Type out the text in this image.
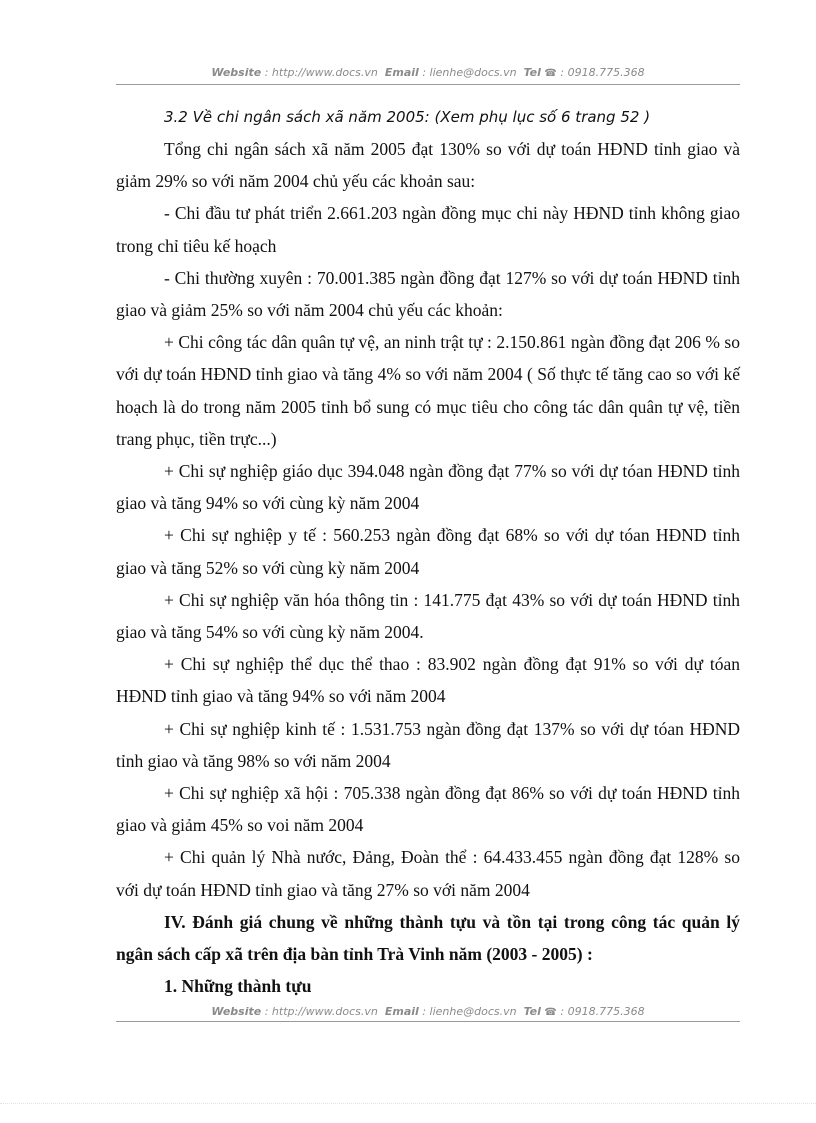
Website : http://www.docs.vn Email : lienhe@docs.vn Tel ☎ : 0918.775.368
3.2 Về chi ngân sách xã năm 2005: (Xem phụ lục số 6 trang 52 )

Tổng chi ngân sách xã năm 2005 đạt 130% so với dự toán HĐND tỉnh giao và giảm 29% so với năm 2004 chủ yếu các khoản sau:

- Chi đầu tư phát triển 2.661.203 ngàn đồng mục chi này HĐND tỉnh không giao trong chỉ tiêu kế hoạch

- Chi thường xuyên : 70.001.385 ngàn đồng đạt 127% so với dự toán HĐND tỉnh giao và giảm 25% so với năm 2004 chủ yếu các khoản:

+ Chi công tác dân quân tự vệ, an ninh trật tự : 2.150.861 ngàn đồng đạt 206 % so với dự toán HĐND tỉnh giao và tăng 4% so với năm 2004 ( Số thực tế tăng cao so với kế hoạch là do trong năm 2005 tỉnh bổ sung có mục tiêu cho công tác dân quân tự vệ, tiền trang phục, tiền trực...)

+ Chi sự nghiệp giáo dục 394.048 ngàn đồng đạt 77% so với dự tóan HĐND tỉnh giao và tăng 94% so với cùng kỳ năm 2004

+ Chi sự nghiệp y tế : 560.253 ngàn đồng đạt 68% so với dự tóan HĐND tỉnh giao và tăng 52% so với cùng kỳ năm 2004

+ Chi sự nghiệp văn hóa thông tin : 141.775 đạt 43% so với dự toán HĐND tỉnh giao và tăng 54% so với cùng kỳ năm 2004.

+ Chi sự nghiệp thể dục thể thao : 83.902 ngàn đồng đạt 91% so với dự tóan HĐND tỉnh giao và tăng 94% so với năm 2004

+ Chi sự nghiệp kinh tế : 1.531.753 ngàn đồng đạt 137% so với dự tóan HĐND tỉnh giao và tăng 98% so với năm 2004

+ Chi sự nghiệp xã hội : 705.338 ngàn đồng đạt 86% so với dự toán HĐND tỉnh giao và giảm 45% so voi năm 2004

+ Chi quản lý Nhà nước, Đảng, Đoàn thể : 64.433.455 ngàn đồng đạt 128% so với dự toán HĐND tỉnh giao và tăng 27% so với năm 2004

IV. Đánh giá chung về những thành tựu và tồn tại trong công tác quản lý ngân sách cấp xã trên địa bàn tỉnh Trà Vinh năm (2003 - 2005) :
1. Những thành tựu
Website : http://www.docs.vn Email : lienhe@docs.vn Tel ☎ : 0918.775.368
